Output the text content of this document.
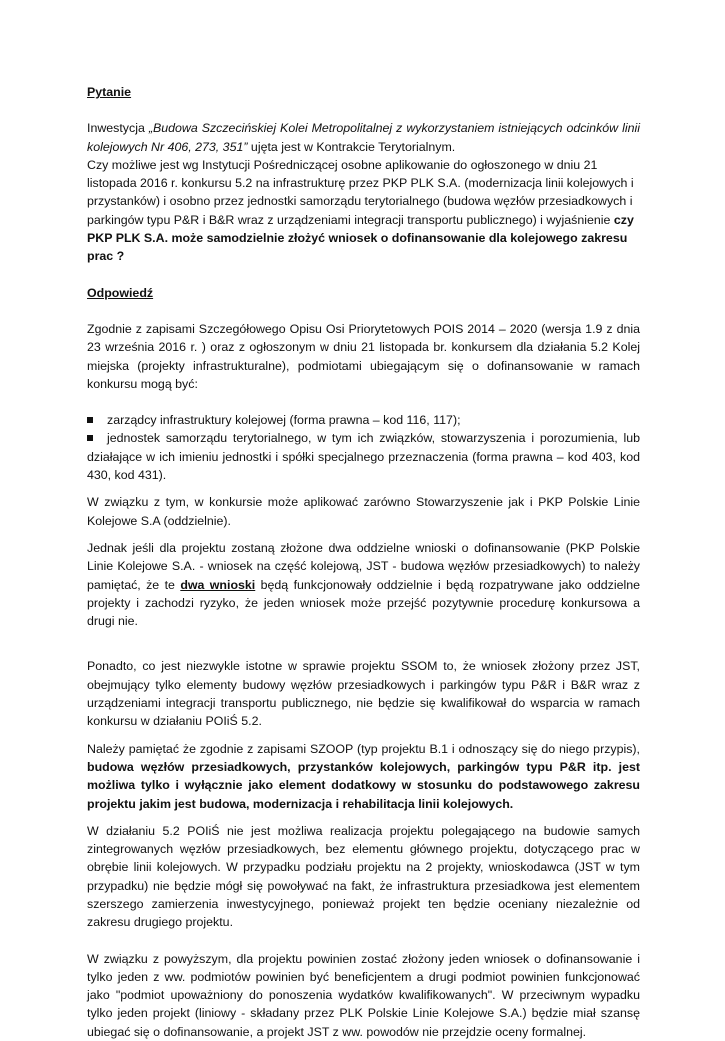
Pytanie

Inwestycja „Budowa Szczecińskiej Kolei Metropolitalnej z wykorzystaniem istniejących odcinków linii kolejowych Nr 406, 273, 351” ujęta jest w Kontrakcie Terytorialnym.

Czy możliwe jest wg Instytucji Pośredniczącej osobne aplikowanie do ogłoszonego w dniu 21 listopada 2016 r. konkursu 5.2 na infrastrukturę przez PKP PLK S.A. (modernizacja linii kolejowych i przystanków) i osobno przez jednostki samorządu terytorialnego (budowa węzłów przesiadkowych i parkingów typu P&R i B&R wraz z urządzeniami integracji transportu publicznego) i wyjaśnienie czy PKP PLK S.A. może samodzielnie złożyć wniosek o dofinansowanie dla kolejowego zakresu prac ?

Odpowiedź

Zgodnie z zapisami Szczegółowego Opisu Osi Priorytetowych POIS 2014 – 2020 (wersja 1.9 z dnia 23 września 2016 r. ) oraz z ogłoszonym w dniu 21 listopada br. konkursem dla działania 5.2 Kolej miejska (projekty infrastrukturalne), podmiotami ubiegającym się o dofinansowanie w ramach konkursu mogą być:

zarządcy infrastruktury kolejowej (forma prawna – kod 116, 117);

jednostek samorządu terytorialnego, w tym ich związków, stowarzyszenia i porozumienia, lub działające w ich imieniu jednostki i spółki specjalnego przeznaczenia (forma prawna – kod 403, kod 430, kod 431).

W związku z tym, w konkursie może aplikować zarówno Stowarzyszenie jak i PKP Polskie Linie Kolejowe S.A (oddzielnie).

Jednak jeśli dla projektu zostaną złożone dwa oddzielne wnioski o dofinansowanie (PKP Polskie Linie Kolejowe S.A. - wniosek na część kolejową, JST - budowa węzłów przesiadkowych) to należy pamiętać, że te dwa wnioski będą funkcjonowały oddzielnie i będą rozpatrywane jako oddzielne projekty i zachodzi ryzyko, że jeden wniosek może przejść pozytywnie procedurę konkursowa a drugi nie.

Ponadto, co jest niezwykle istotne w sprawie projektu SSOM to, że wniosek złożony przez JST, obejmujący tylko elementy budowy węzłów przesiadkowych i parkingów typu P&R i B&R wraz z urządzeniami integracji transportu publicznego, nie będzie się kwalifikował do wsparcia w ramach konkursu w działaniu POIiŚ 5.2.

Należy pamiętać że zgodnie z zapisami SZOOP (typ projektu B.1 i odnoszący się do niego przypis), budowa węzłów przesiadkowych, przystanków kolejowych, parkingów typu P&R itp. jest możliwa tylko i wyłącznie jako element dodatkowy w stosunku do podstawowego zakresu projektu jakim jest budowa, modernizacja i rehabilitacja linii kolejowych.

W działaniu 5.2 POIiŚ nie jest możliwa realizacja projektu polegającego na budowie samych zintegrowanych węzłów przesiadkowych, bez elementu głównego projektu, dotyczącego prac w obrębie linii kolejowych. W przypadku podziału projektu na 2 projekty, wnioskodawca (JST w tym przypadku) nie będzie mógł się powoływać na fakt, że infrastruktura przesiadkowa jest elementem szerszego zamierzenia inwestycyjnego, ponieważ projekt ten będzie oceniany niezależnie od zakresu drugiego projektu.

W związku z powyższym, dla projektu powinien zostać złożony jeden wniosek o dofinansowanie i tylko jeden z ww. podmiotów powinien być beneficjentem a drugi podmiot powinien funkcjonować jako "podmiot upoważniony do ponoszenia wydatków kwalifikowanych". W przeciwnym wypadku tylko jeden projekt (liniowy - składany przez PLK Polskie Linie Kolejowe S.A.) będzie miał szansę ubiegać się o dofinansowanie, a projekt JST z ww. powodów nie przejdzie oceny formalnej.
